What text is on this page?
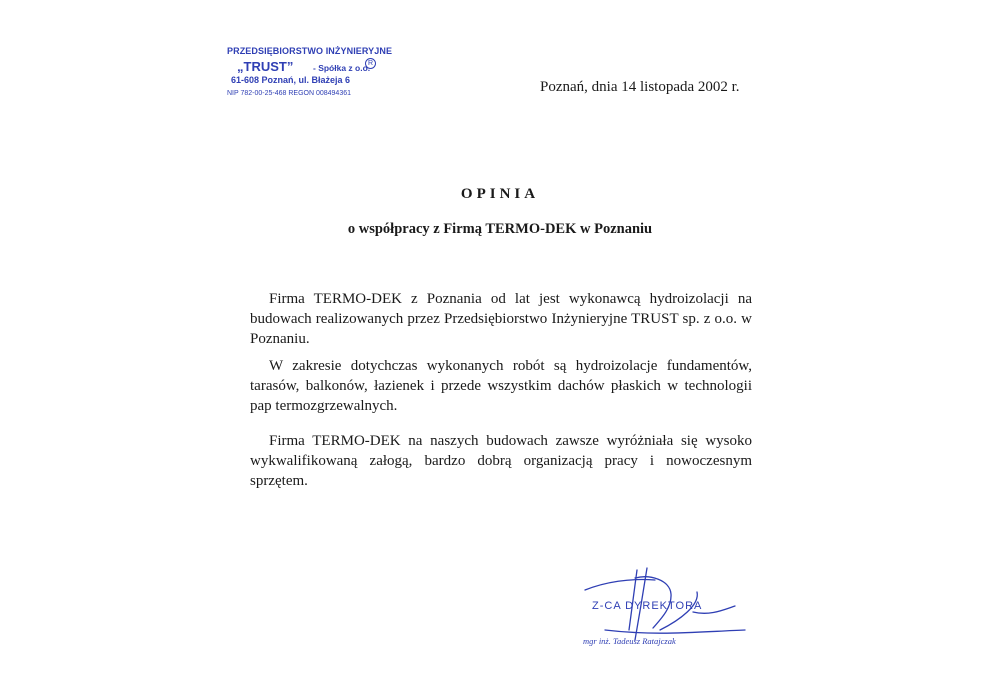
PRZEDSIĘBIORSTWO INŻYNIERYJNE
„TRUST” - Spółka z o.o.
R
61-608 Poznań, ul. Błażeja 6
NIP 782-00-25-468 REGON 008494361	Poznań, dnia 14 listopada 2002 r.
OPINIA
o współpracy z Firmą TERMO-DEK w Poznaniu
Firma TERMO-DEK z Poznania od lat jest wykonawcą hydroizolacji na budowach realizowanych przez Przedsiębiorstwo Inżynieryjne TRUST sp. z o.o. w Poznaniu.
W zakresie dotychczas wykonanych robót są hydroizolacje fundamentów, tarasów, balkonów, łazienek i przede wszystkim dachów płaskich w technologii pap termozgrzewalnych.
Firma TERMO-DEK na naszych budowach zawsze wyróżniała się wysoko wykwalifikowaną załogą, bardzo dobrą organizacją pracy i nowoczesnym sprzętem.
Z-CA DYREKTORA
mgr inż. Tadeusz Ratajczak
